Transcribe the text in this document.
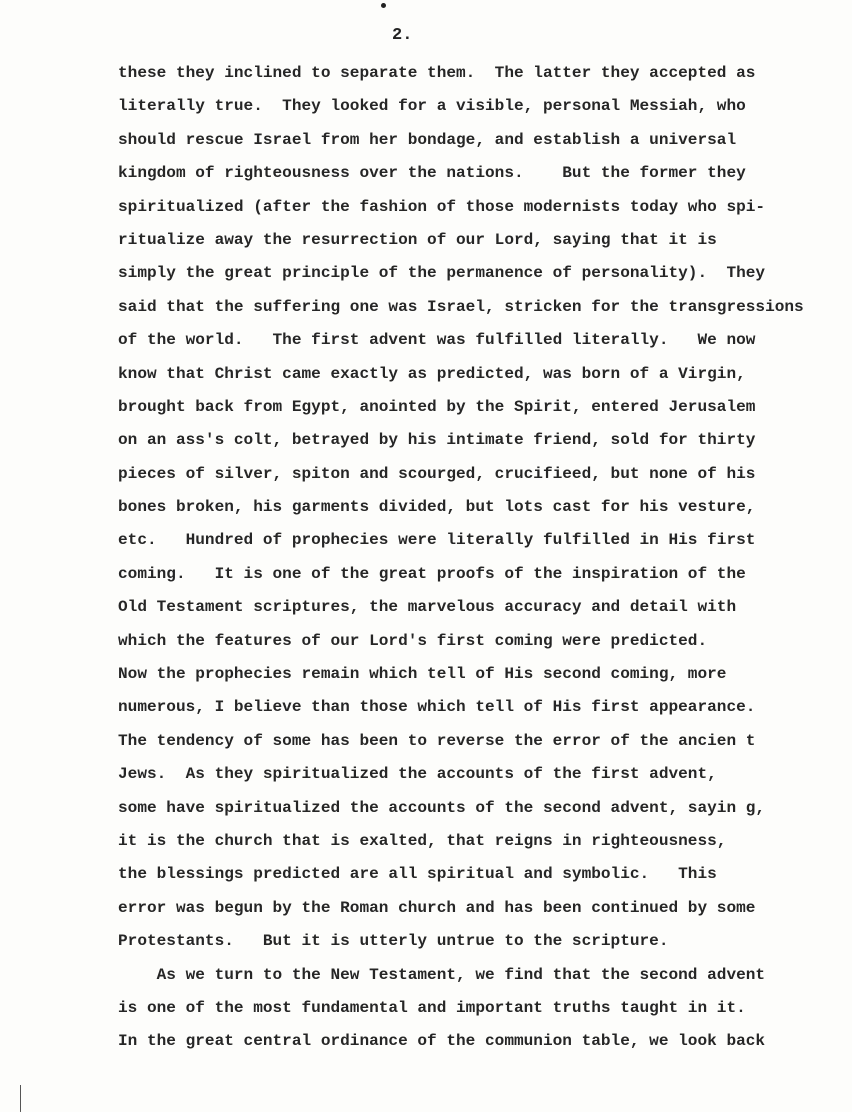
2.
these they inclined to separate them.  The latter they accepted as
literally true.  They looked for a visible, personal Messiah, who
should rescue Israel from her bondage, and establish a universal
kingdom of righteousness over the nations.    But the former they
spiritualized (after the fashion of those modernists today who spi-
ritualize away the resurrection of our Lord, saying that it is
simply the great principle of the permanence of personality).  They
said that the suffering one was Israel, stricken for the transgressions
of the world.   The first advent was fulfilled literally.   We now
know that Christ came exactly as predicted, was born of a Virgin,
brought back from Egypt, anointed by the Spirit, entered Jerusalem
on an ass's colt, betrayed by his intimate friend, sold for thirty
pieces of silver, spiton and scourged, crucifieed, but none of his
bones broken, his garments divided, but lots cast for his vesture,
etc.   Hundred of prophecies were literally fulfilled in His first
coming.   It is one of the great proofs of the inspiration of the
Old Testament scriptures, the marvelous accuracy and detail with
which the features of our Lord's first coming were predicted.
Now the prophecies remain which tell of His second coming, more
numerous, I believe than those which tell of His first appearance.
The tendency of some has been to reverse the error of the ancien t
Jews.  As they spiritualized the accounts of the first advent,
some have spiritualized the accounts of the second advent, sayin g,
it is the church that is exalted, that reigns in righteousness,
the blessings predicted are all spiritual and symbolic.   This
error was begun by the Roman church and has been continued by some
Protestants.   But it is utterly untrue to the scripture.
As we turn to the New Testament, we find that the second advent
is one of the most fundamental and important truths taught in it.
In the great central ordinance of the communion table, we look back
